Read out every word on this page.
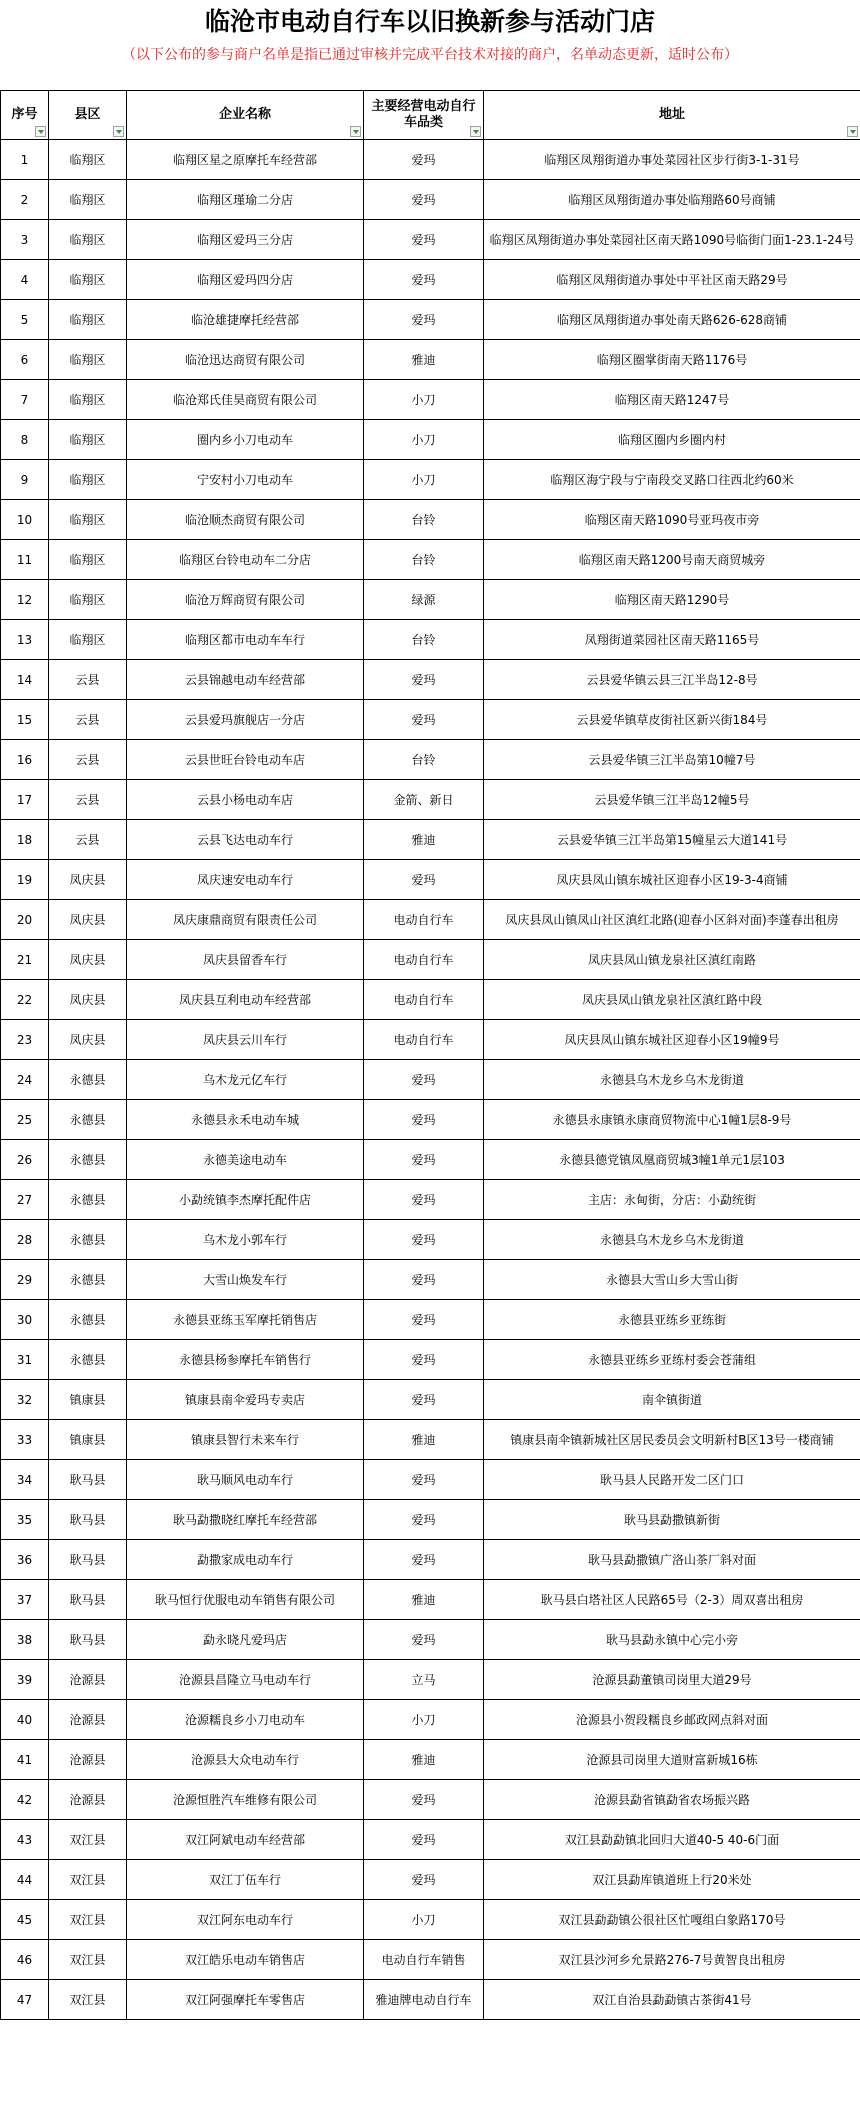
临沧市电动自行车以旧换新参与活动门店
（以下公布的参与商户名单是指已通过审核并完成平台技术对接的商户，名单动态更新，适时公布）
序号	县区	企业名称	主要经营电动自行车品类	地址

1	临翔区	临翔区星之原摩托车经营部	爱玛	临翔区凤翔街道办事处菜园社区步行街3-1-31号
2	临翔区	临翔区瑾瑜二分店	爱玛	临翔区凤翔街道办事处临翔路60号商铺
3	临翔区	临翔区爱玛三分店	爱玛	临翔区凤翔街道办事处菜园社区南天路1090号临街门面1-23.1-24号
4	临翔区	临翔区爱玛四分店	爱玛	临翔区凤翔街道办事处中平社区南天路29号
5	临翔区	临沧雄捷摩托经营部	爱玛	临翔区凤翔街道办事处南天路626-628商铺
6	临翔区	临沧迅达商贸有限公司	雅迪	临翔区圈掌街南天路1176号
7	临翔区	临沧郑氏佳昊商贸有限公司	小刀	临翔区南天路1247号
8	临翔区	圈内乡小刀电动车	小刀	临翔区圈内乡圈内村
9	临翔区	宁安村小刀电动车	小刀	临翔区海宁段与宁南段交叉路口往西北约60米
10	临翔区	临沧顺杰商贸有限公司	台铃	临翔区南天路1090号亚玛夜市旁
11	临翔区	临翔区台铃电动车二分店	台铃	临翔区南天路1200号南天商贸城旁
12	临翔区	临沧万辉商贸有限公司	绿源	临翔区南天路1290号
13	临翔区	临翔区都市电动车车行	台铃	凤翔街道菜园社区南天路1165号
14	云县	云县锦越电动车经营部	爱玛	云县爱华镇云县三江半岛12-8号
15	云县	云县爱玛旗舰店一分店	爱玛	云县爱华镇草皮街社区新兴街184号
16	云县	云县世旺台铃电动车店	台铃	云县爱华镇三江半岛第10幢7号
17	云县	云县小杨电动车店	金箭、新日	云县爱华镇三江半岛12幢5号
18	云县	云县飞达电动车行	雅迪	云县爱华镇三江半岛第15幢星云大道141号
19	凤庆县	凤庆速安电动车行	爱玛	凤庆县凤山镇东城社区迎春小区19-3-4商铺
20	凤庆县	凤庆康鼎商贸有限责任公司	电动自行车	凤庆县凤山镇凤山社区滇红北路(迎春小区斜对面)李蓬春出租房
21	凤庆县	凤庆县留香车行	电动自行车	凤庆县凤山镇龙泉社区滇红南路
22	凤庆县	凤庆县互利电动车经营部	电动自行车	凤庆县凤山镇龙泉社区滇红路中段
23	凤庆县	凤庆县云川车行	电动自行车	凤庆县凤山镇东城社区迎春小区19幢9号
24	永德县	乌木龙元亿车行	爱玛	永德县乌木龙乡乌木龙街道
25	永德县	永德县永禾电动车城	爱玛	永德县永康镇永康商贸物流中心1幢1层8-9号
26	永德县	永德美途电动车	爱玛	永德县德党镇凤凰商贸城3幢1单元1层103
27	永德县	小勐统镇李杰摩托配件店	爱玛	主店：永甸街，分店：小勐统街
28	永德县	乌木龙小郭车行	爱玛	永德县乌木龙乡乌木龙街道
29	永德县	大雪山焕发车行	爱玛	永德县大雪山乡大雪山街
30	永德县	永德县亚练玉军摩托销售店	爱玛	永德县亚练乡亚练街
31	永德县	永德县杨参摩托车销售行	爱玛	永德县亚练乡亚练村委会苍蒲组
32	镇康县	镇康县南伞爱玛专卖店	爱玛	南伞镇街道
33	镇康县	镇康县智行未来车行	雅迪	镇康县南伞镇新城社区居民委员会文明新村B区13号一楼商铺
34	耿马县	耿马顺风电动车行	爱玛	耿马县人民路开发二区门口
35	耿马县	耿马勐撒晓红摩托车经营部	爱玛	耿马县勐撒镇新街
36	耿马县	勐撒家成电动车行	爱玛	耿马县勐撒镇广洛山茶厂斜对面
37	耿马县	耿马恒行优服电动车销售有限公司	雅迪	耿马县白塔社区人民路65号（2-3）周双喜出租房
38	耿马县	勐永晓凡爱玛店	爱玛	耿马县勐永镇中心完小旁
39	沧源县	沧源县昌隆立马电动车行	立马	沧源县勐董镇司岗里大道29号
40	沧源县	沧源糯良乡小刀电动车	小刀	沧源县小贺段糯良乡邮政网点斜对面
41	沧源县	沧源县大众电动车行	雅迪	沧源县司岗里大道财富新城16栋
42	沧源县	沧源恒胜汽车维修有限公司	爱玛	沧源县勐省镇勐省农场振兴路
43	双江县	双江阿斌电动车经营部	爱玛	双江县勐勐镇北回归大道40-5 40-6门面
44	双江县	双江丁伍车行	爱玛	双江县勐库镇道班上行20米处
45	双江县	双江阿东电动车行	小刀	双江县勐勐镇公很社区忙嘎组白象路170号
46	双江县	双江皓乐电动车销售店	电动自行车销售	双江县沙河乡允景路276-7号黄智良出租房
47	双江县	双江阿强摩托车零售店	雅迪牌电动自行车	双江自治县勐勐镇古茶街41号
